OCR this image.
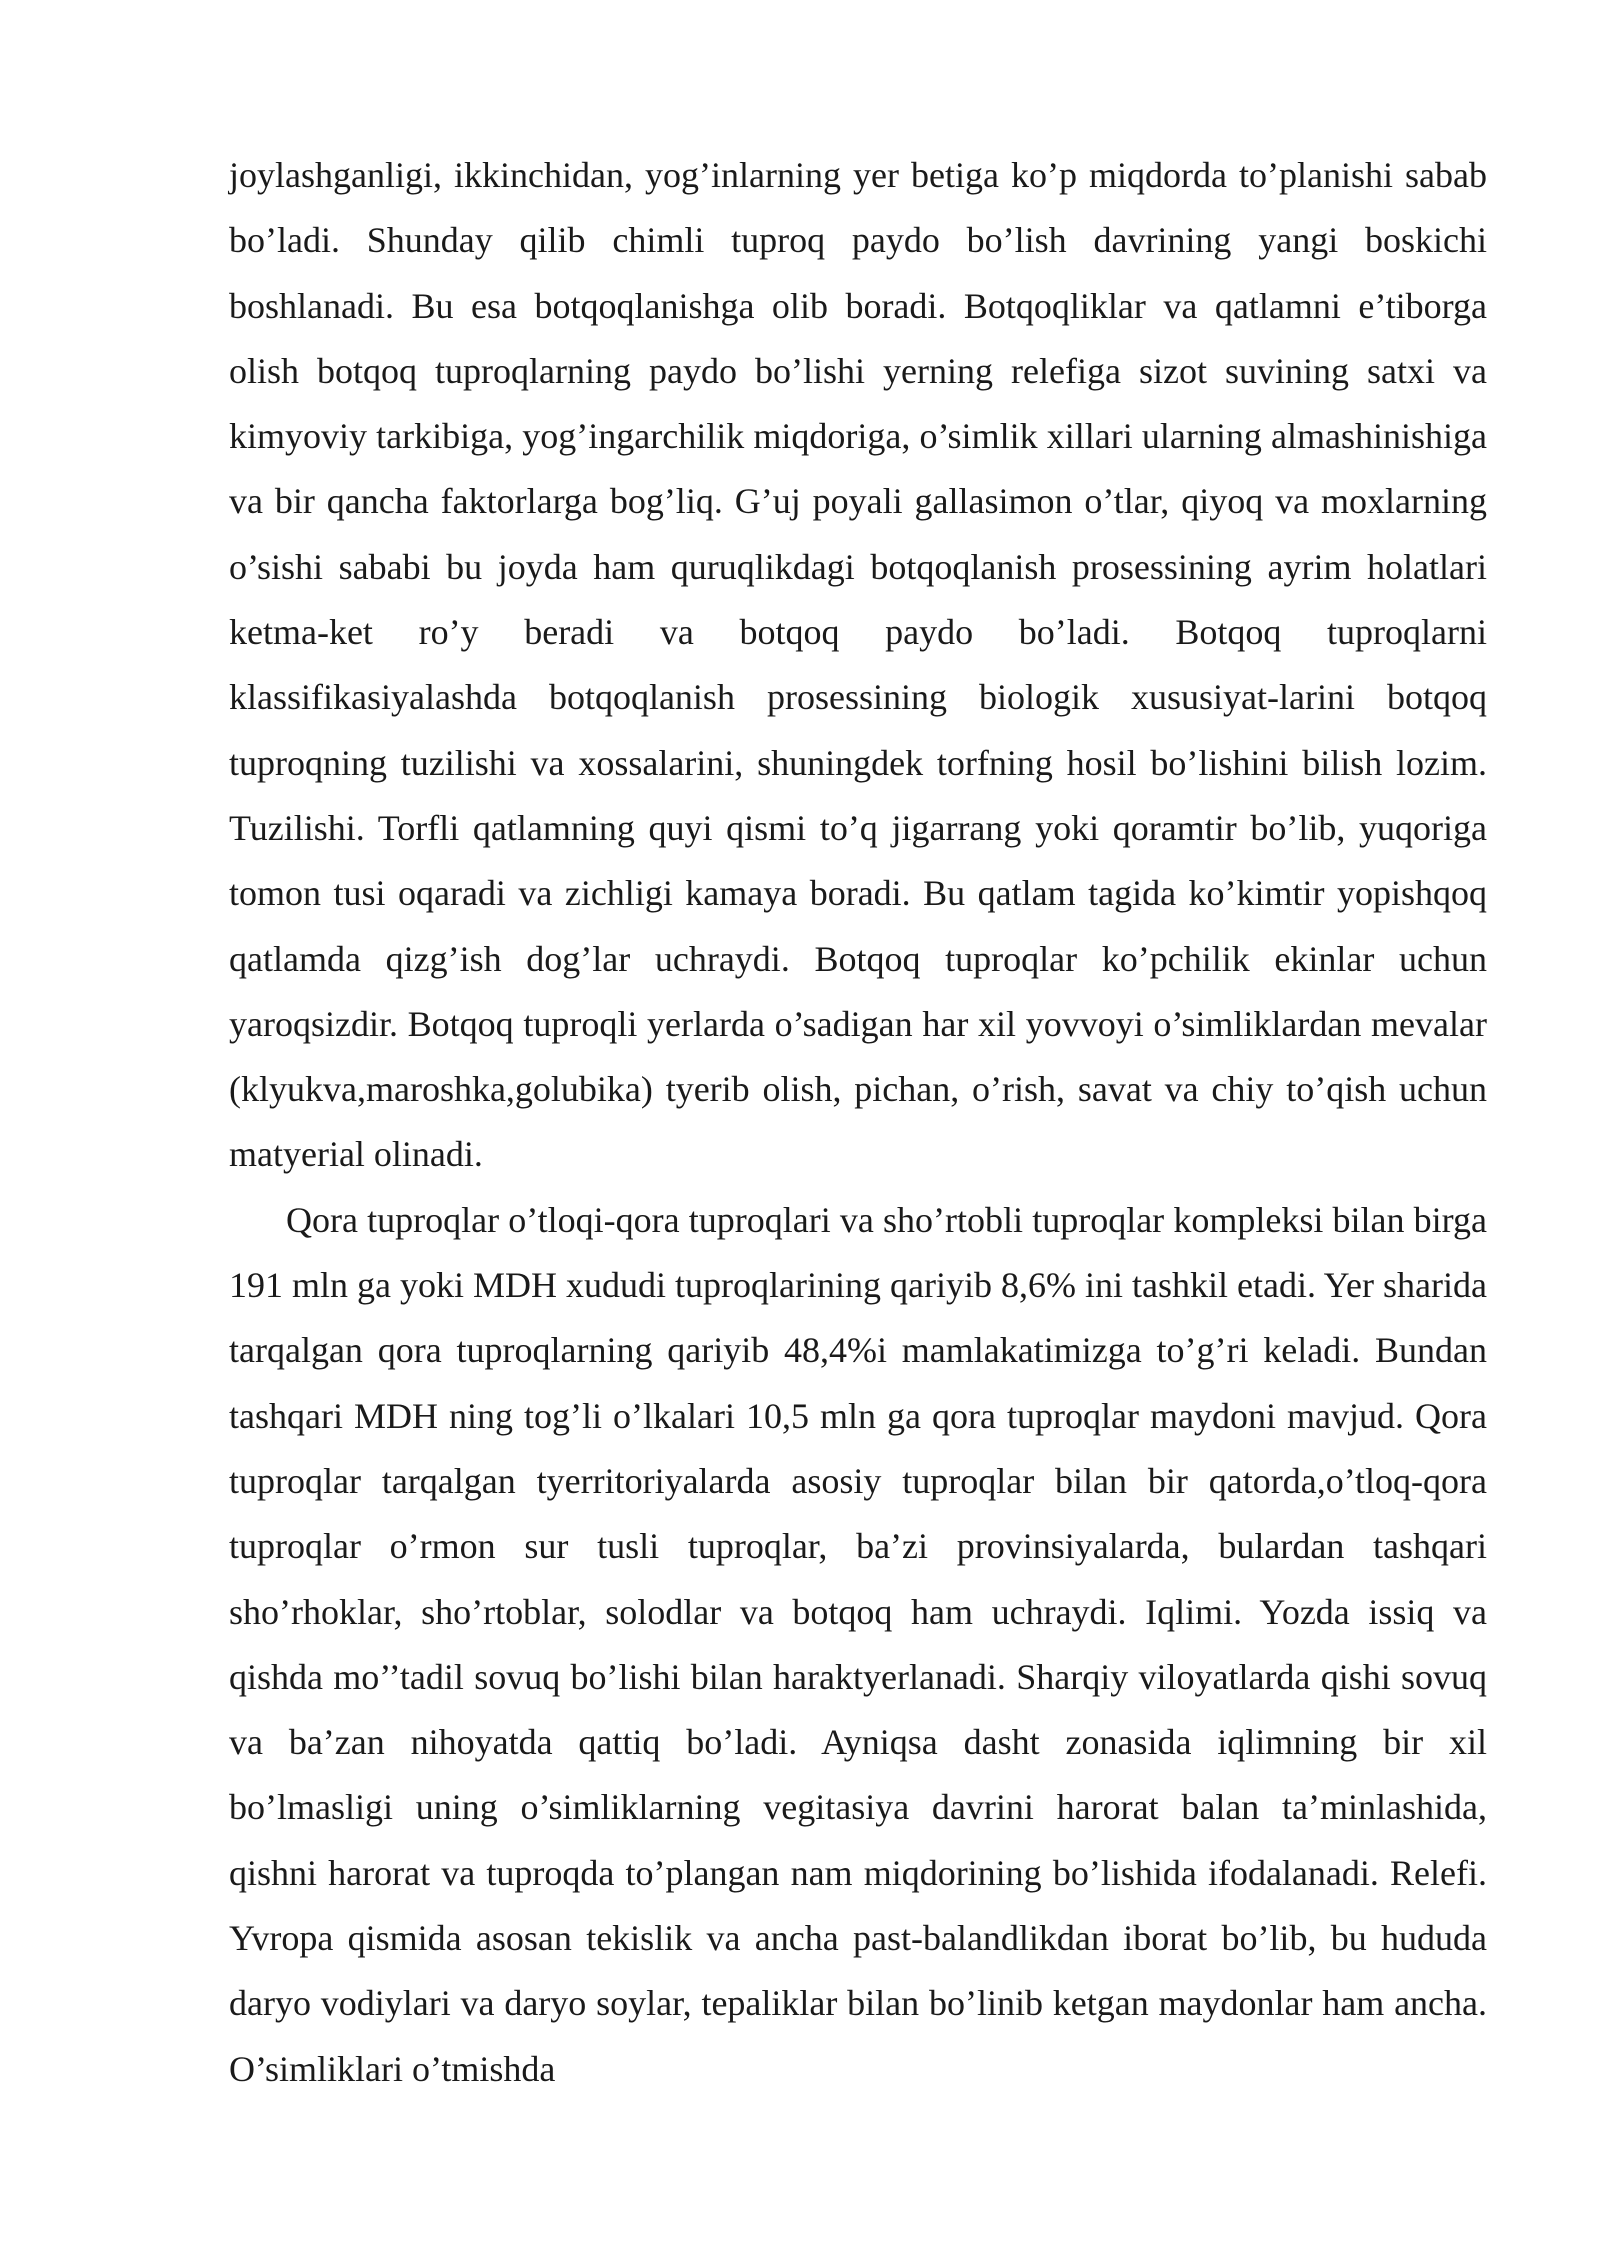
joylashganligi, ikkinchidan, yog’inlarning yer betiga ko’p miqdorda to’planishi sabab bo’ladi. Shunday qilib chimli tuproq paydo bo’lish davrining yangi boskichi boshlanadi. Bu esa botqoqlanishga olib boradi. Botqoqliklar va qatlamni e’tiborga olish botqoq tuproqlarning paydo bo’lishi yerning relefiga sizot suvining satxi va kimyoviy tarkibiga, yog’ingarchilik miqdoriga, o’simlik xillari ularning almashinishiga va bir qancha faktorlarga bog’liq. G’uj poyali gallasimon o’tlar, qiyoq va moxlarning o’sishi sababi bu joyda ham quruqlikdagi botqoqlanish prosessining ayrim holatlari ketma-ket ro’y beradi va botqoq paydo bo’ladi. Botqoq tuproqlarni klassifikasiyalashda botqoqlanish prosessining biologik xususiyat-larini botqoq tuproqning tuzilishi va xossalarini, shuningdek torfning hosil bo’lishini bilish lozim. Tuzilishi. Torfli qatlamning quyi qismi to’q jigarrang yoki qoramtir bo’lib, yuqoriga tomon tusi oqaradi va zichligi kamaya boradi. Bu qatlam tagida ko’kimtir yopishqoq qatlamda qizg’ish dog’lar uchraydi. Botqoq tuproqlar ko’pchilik ekinlar uchun yaroqsizdir. Botqoq tuproqli yerlarda o’sadigan har xil yovvoyi o’simliklardan mevalar (klyukva,maroshka,golubika) tyerib olish, pichan, o’rish, savat va chiy to’qish uchun matyerial olinadi.

Qora tuproqlar o’tloqi-qora tuproqlari va sho’rtobli tuproqlar kompleksi bilan birga 191 mln ga yoki MDH xududi tuproqlarining qariyib 8,6% ini tashkil etadi. Yer sharida tarqalgan qora tuproqlarning qariyib 48,4%i mamlakatimizga to’g’ri keladi. Bundan tashqari MDH ning tog’li o’lkalari 10,5 mln ga qora tuproqlar maydoni mavjud. Qora tuproqlar tarqalgan tyerritoriyalarda asosiy tuproqlar bilan bir qatorda,o’tloq-qora tuproqlar o’rmon sur tusli tuproqlar, ba’zi provinsiyalarda, bulardan tashqari sho’rhoklar, sho’rtoblar, solodlar va botqoq ham uchraydi. Iqlimi. Yozda issiq va qishda mo’’tadil sovuq bo’lishi bilan haraktyerlanadi. Sharqiy viloyatlarda qishi sovuq va ba’zan nihoyatda qattiq bo’ladi. Ayniqsa dasht zonasida iqlimning bir xil bo’lmasligi uning o’simliklarning vegitasiya davrini harorat balan ta’minlashida, qishni harorat va tuproqda to’plangan nam miqdorining bo’lishida ifodalanadi. Relefi. Yvropa qismida asosan tekislik va ancha past-balandlikdan iborat bo’lib, bu hududa daryo vodiylari va daryo soylar, tepaliklar bilan bo’linib ketgan maydonlar ham ancha. O’simliklari o’tmishda
